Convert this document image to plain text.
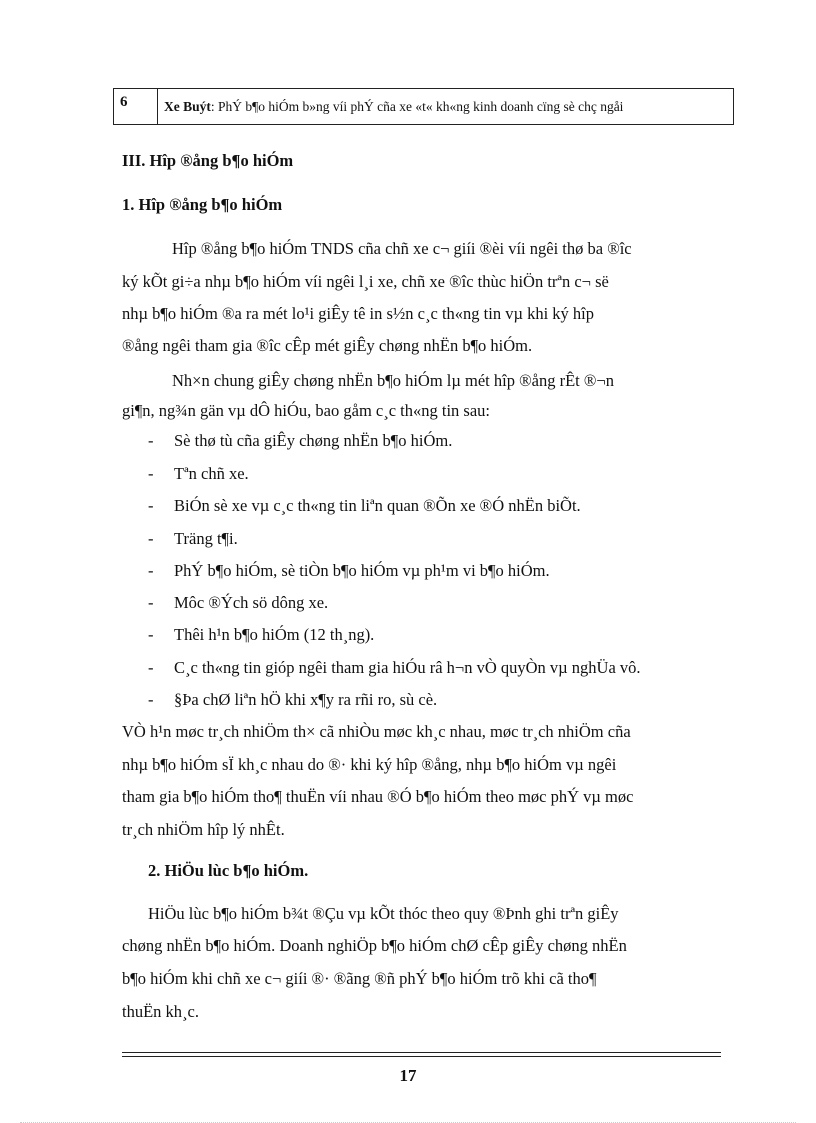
6	Xe Buýt: PhÝ b¶o hiÓm b»ng víi phÝ cña xe «t« kh«ng kinh doanh cïng sè chç ngåi
III. Hîp ®ång b¶o hiÓm
1. Hîp ®ång b¶o hiÓm
Hîp ®ång b¶o hiÓm TNDS cña chñ xe c¬ giíi ®èi víi ngêi thø ba ®îc
ký kÕt gi÷a nhµ b¶o hiÓm víi ngêi l¸i xe, chñ xe ®îc thùc hiÖn trªn c¬ së
nhµ b¶o hiÓm ®a ra mét lo¹i giÊy tê in s½n c¸c th«ng tin vµ khi ký hîp
®ång ngêi tham gia ®îc cÊp mét giÊy chøng nhËn b¶o hiÓm.
Nh×n chung giÊy chøng nhËn b¶o hiÓm lµ mét hîp ®ång rÊt ®¬n
gi¶n, ng¾n gän vµ dÔ hiÓu, bao gåm c¸c th«ng tin sau:
- Sè thø tù cña giÊy chøng nhËn b¶o hiÓm.
- Tªn chñ xe.
- BiÓn sè xe vµ c¸c th«ng tin liªn quan ®Õn xe ®Ó nhËn biÕt.
- Träng t¶i.
- PhÝ b¶o hiÓm, sè tiÒn b¶o hiÓm vµ ph¹m vi b¶o hiÓm.
- Môc ®Ých sö dông xe.
- Thêi h¹n b¶o hiÓm (12 th¸ng).
- C¸c th«ng tin gióp ngêi tham gia hiÓu râ h¬n vÒ quyÒn vµ nghÜa vô.
- §Þa chØ liªn hÖ khi x¶y ra rñi ro, sù cè.
VÒ h¹n møc tr¸ch nhiÖm th× cã nhiÒu møc kh¸c nhau, møc tr¸ch nhiÖm cña
nhµ b¶o hiÓm sÏ kh¸c nhau do ®· khi ký hîp ®ång, nhµ b¶o hiÓm vµ ngêi
tham gia b¶o hiÓm tho¶ thuËn víi nhau ®Ó b¶o hiÓm theo møc phÝ vµ møc
tr¸ch nhiÖm hîp lý nhÊt.
2. HiÖu lùc b¶o hiÓm.
HiÖu lùc b¶o hiÓm b¾t ®Çu vµ kÕt thóc theo quy ®Þnh ghi trªn giÊy
chøng nhËn b¶o hiÓm. Doanh nghiÖp b¶o hiÓm chØ cÊp giÊy chøng nhËn
b¶o hiÓm khi chñ xe c¬ giíi ®· ®ãng ®ñ phÝ b¶o hiÓm trõ khi cã tho¶
thuËn kh¸c.
17
